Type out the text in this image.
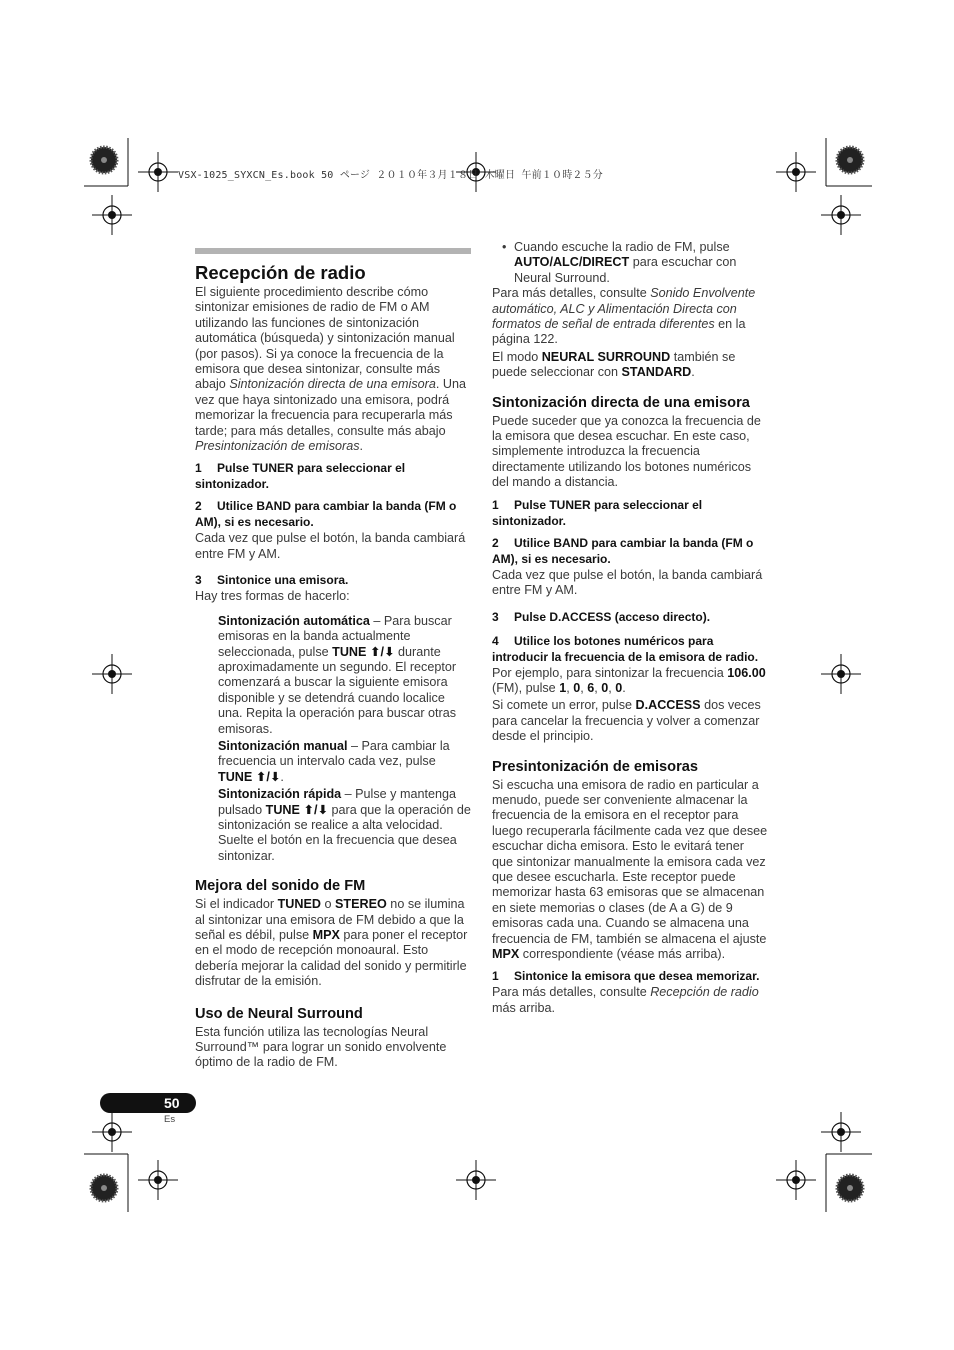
VSX-1025_SYXCN_Es.book 50 ページ ２０１０年３月１８日 木曜日 午前１０時２５分
Recepción de radio

El siguiente procedimiento describe cómo sintonizar emisiones de radio de FM o AM utilizando las funciones de sintonización automática (búsqueda) y sintonización manual (por pasos). Si ya conoce la frecuencia de la emisora que desea sintonizar, consulte más abajo Sintonización directa de una emisora. Una vez que haya sintonizado una emisora, podrá memorizar la frecuencia para recuperarla más tarde; para más detalles, consulte más abajo Presintonización de emisoras.

1 Pulse TUNER para seleccionar el sintonizador.
2 Utilice BAND para cambiar la banda (FM o AM), si es necesario.

Cada vez que pulse el botón, la banda cambiará entre FM y AM.

3 Sintonice una emisora.

Hay tres formas de hacerlo:

Sintonización automática – Para buscar emisoras en la banda actualmente seleccionada, pulse TUNE ⬆/⬇ durante aproximadamente un segundo. El receptor comenzará a buscar la siguiente emisora disponible y se detendrá cuando localice una. Repita la operación para buscar otras emisoras.

Sintonización manual – Para cambiar la frecuencia un intervalo cada vez, pulse TUNE ⬆/⬇.

Sintonización rápida – Pulse y mantenga pulsado TUNE ⬆/⬇ para que la operación de sintonización se realice a alta velocidad. Suelte el botón en la frecuencia que desea sintonizar.

Mejora del sonido de FM

Si el indicador TUNED o STEREO no se ilumina al sintonizar una emisora de FM debido a que la señal es débil, pulse MPX para poner el receptor en el modo de recepción monoaural. Esto debería mejorar la calidad del sonido y permitirle disfrutar de la emisión.

Uso de Neural Surround

Esta función utiliza las tecnologías Neural Surround™ para lograr un sonido envolvente óptimo de la radio de FM.

• Cuando escuche la radio de FM, pulse AUTO/ALC/DIRECT para escuchar con Neural Surround.

Para más detalles, consulte Sonido Envolvente automático, ALC y Alimentación Directa con formatos de señal de entrada diferentes en la página 122.

El modo NEURAL SURROUND también se puede seleccionar con STANDARD.

Sintonización directa de una emisora

Puede suceder que ya conozca la frecuencia de la emisora que desea escuchar. En este caso, simplemente introduzca la frecuencia directamente utilizando los botones numéricos del mando a distancia.

1 Pulse TUNER para seleccionar el sintonizador.
2 Utilice BAND para cambiar la banda (FM o AM), si es necesario.

Cada vez que pulse el botón, la banda cambiará entre FM y AM.

3 Pulse D.ACCESS (acceso directo).
4 Utilice los botones numéricos para introducir la frecuencia de la emisora de radio.

Por ejemplo, para sintonizar la frecuencia 106.00 (FM), pulse 1, 0, 6, 0, 0.

Si comete un error, pulse D.ACCESS dos veces para cancelar la frecuencia y volver a comenzar desde el principio.

Presintonización de emisoras

Si escucha una emisora de radio en particular a menudo, puede ser conveniente almacenar la frecuencia de la emisora en el receptor para luego recuperarla fácilmente cada vez que desee escuchar dicha emisora. Esto le evitará tener que sintonizar manualmente la emisora cada vez que desee escucharla. Este receptor puede memorizar hasta 63 emisoras que se almacenan en siete memorias o clases (de A a G) de 9 emisoras cada una. Cuando se almacena una frecuencia de FM, también se almacena el ajuste MPX correspondiente (véase más arriba).

1 Sintonice la emisora que desea memorizar.

Para más detalles, consulte Recepción de radio más arriba.

50
Es
